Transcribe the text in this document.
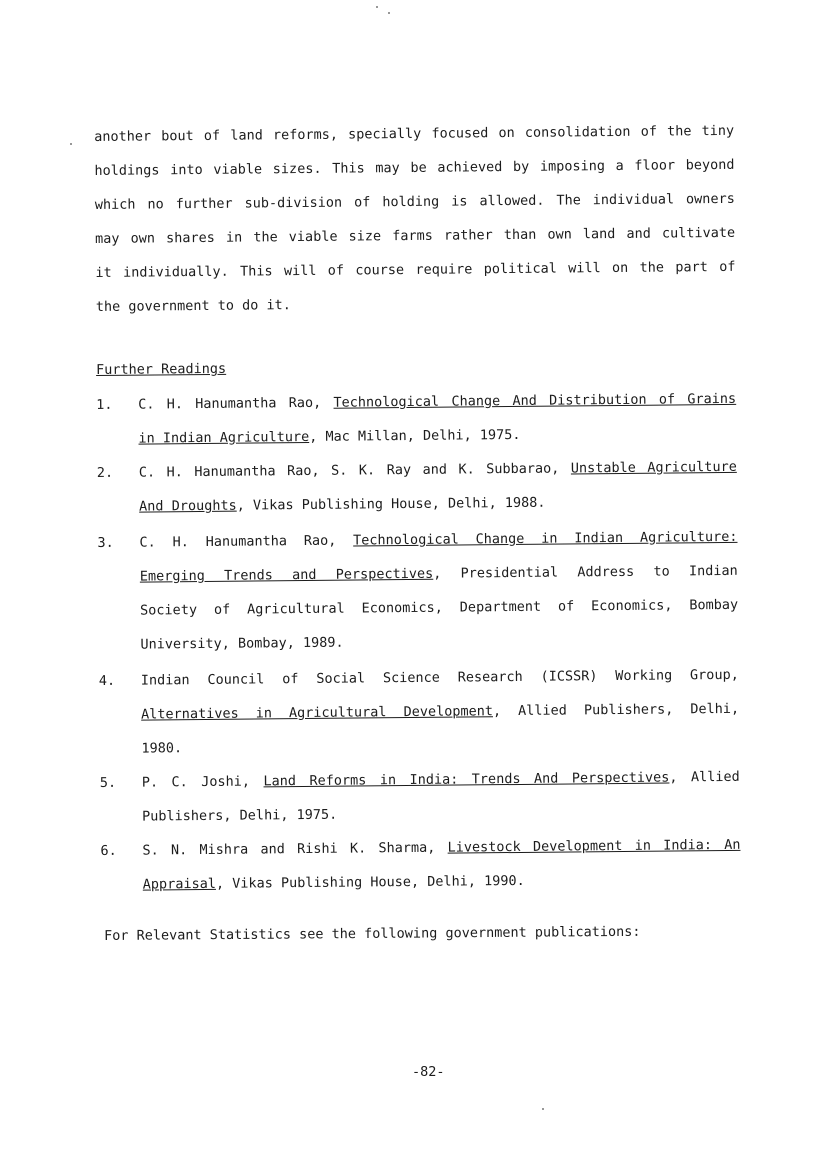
another bout of land reforms, specially focused on consolidation of the tiny
holdings into viable sizes. This may be achieved by imposing a floor beyond
which no further sub-division of holding is allowed. The individual owners
may own shares in the viable size farms rather than own land and cultivate
it individually. This will of course require political will on the part of
the government to do it.
Further Readings
1.	C. H. Hanumantha Rao, Technological Change And Distribution of Grains
in Indian Agriculture, Mac Millan, Delhi, 1975.
2.	C. H. Hanumantha Rao, S. K. Ray and K. Subbarao, Unstable Agriculture
And Droughts, Vikas Publishing House, Delhi, 1988.
3.	C. H. Hanumantha Rao, Technological Change in Indian Agriculture:
Emerging Trends and Perspectives, Presidential Address to Indian
Society of Agricultural Economics, Department of Economics, Bombay
University, Bombay, 1989.
4.	Indian Council of Social Science Research (ICSSR) Working Group,
Alternatives in Agricultural Development, Allied Publishers, Delhi,
1980.
5.	P. C. Joshi, Land Reforms in India: Trends And Perspectives, Allied
Publishers, Delhi, 1975.
6.	S. N. Mishra and Rishi K. Sharma, Livestock Development in India: An
Appraisal, Vikas Publishing House, Delhi, 1990.
For Relevant Statistics see the following government publications:
-82-
